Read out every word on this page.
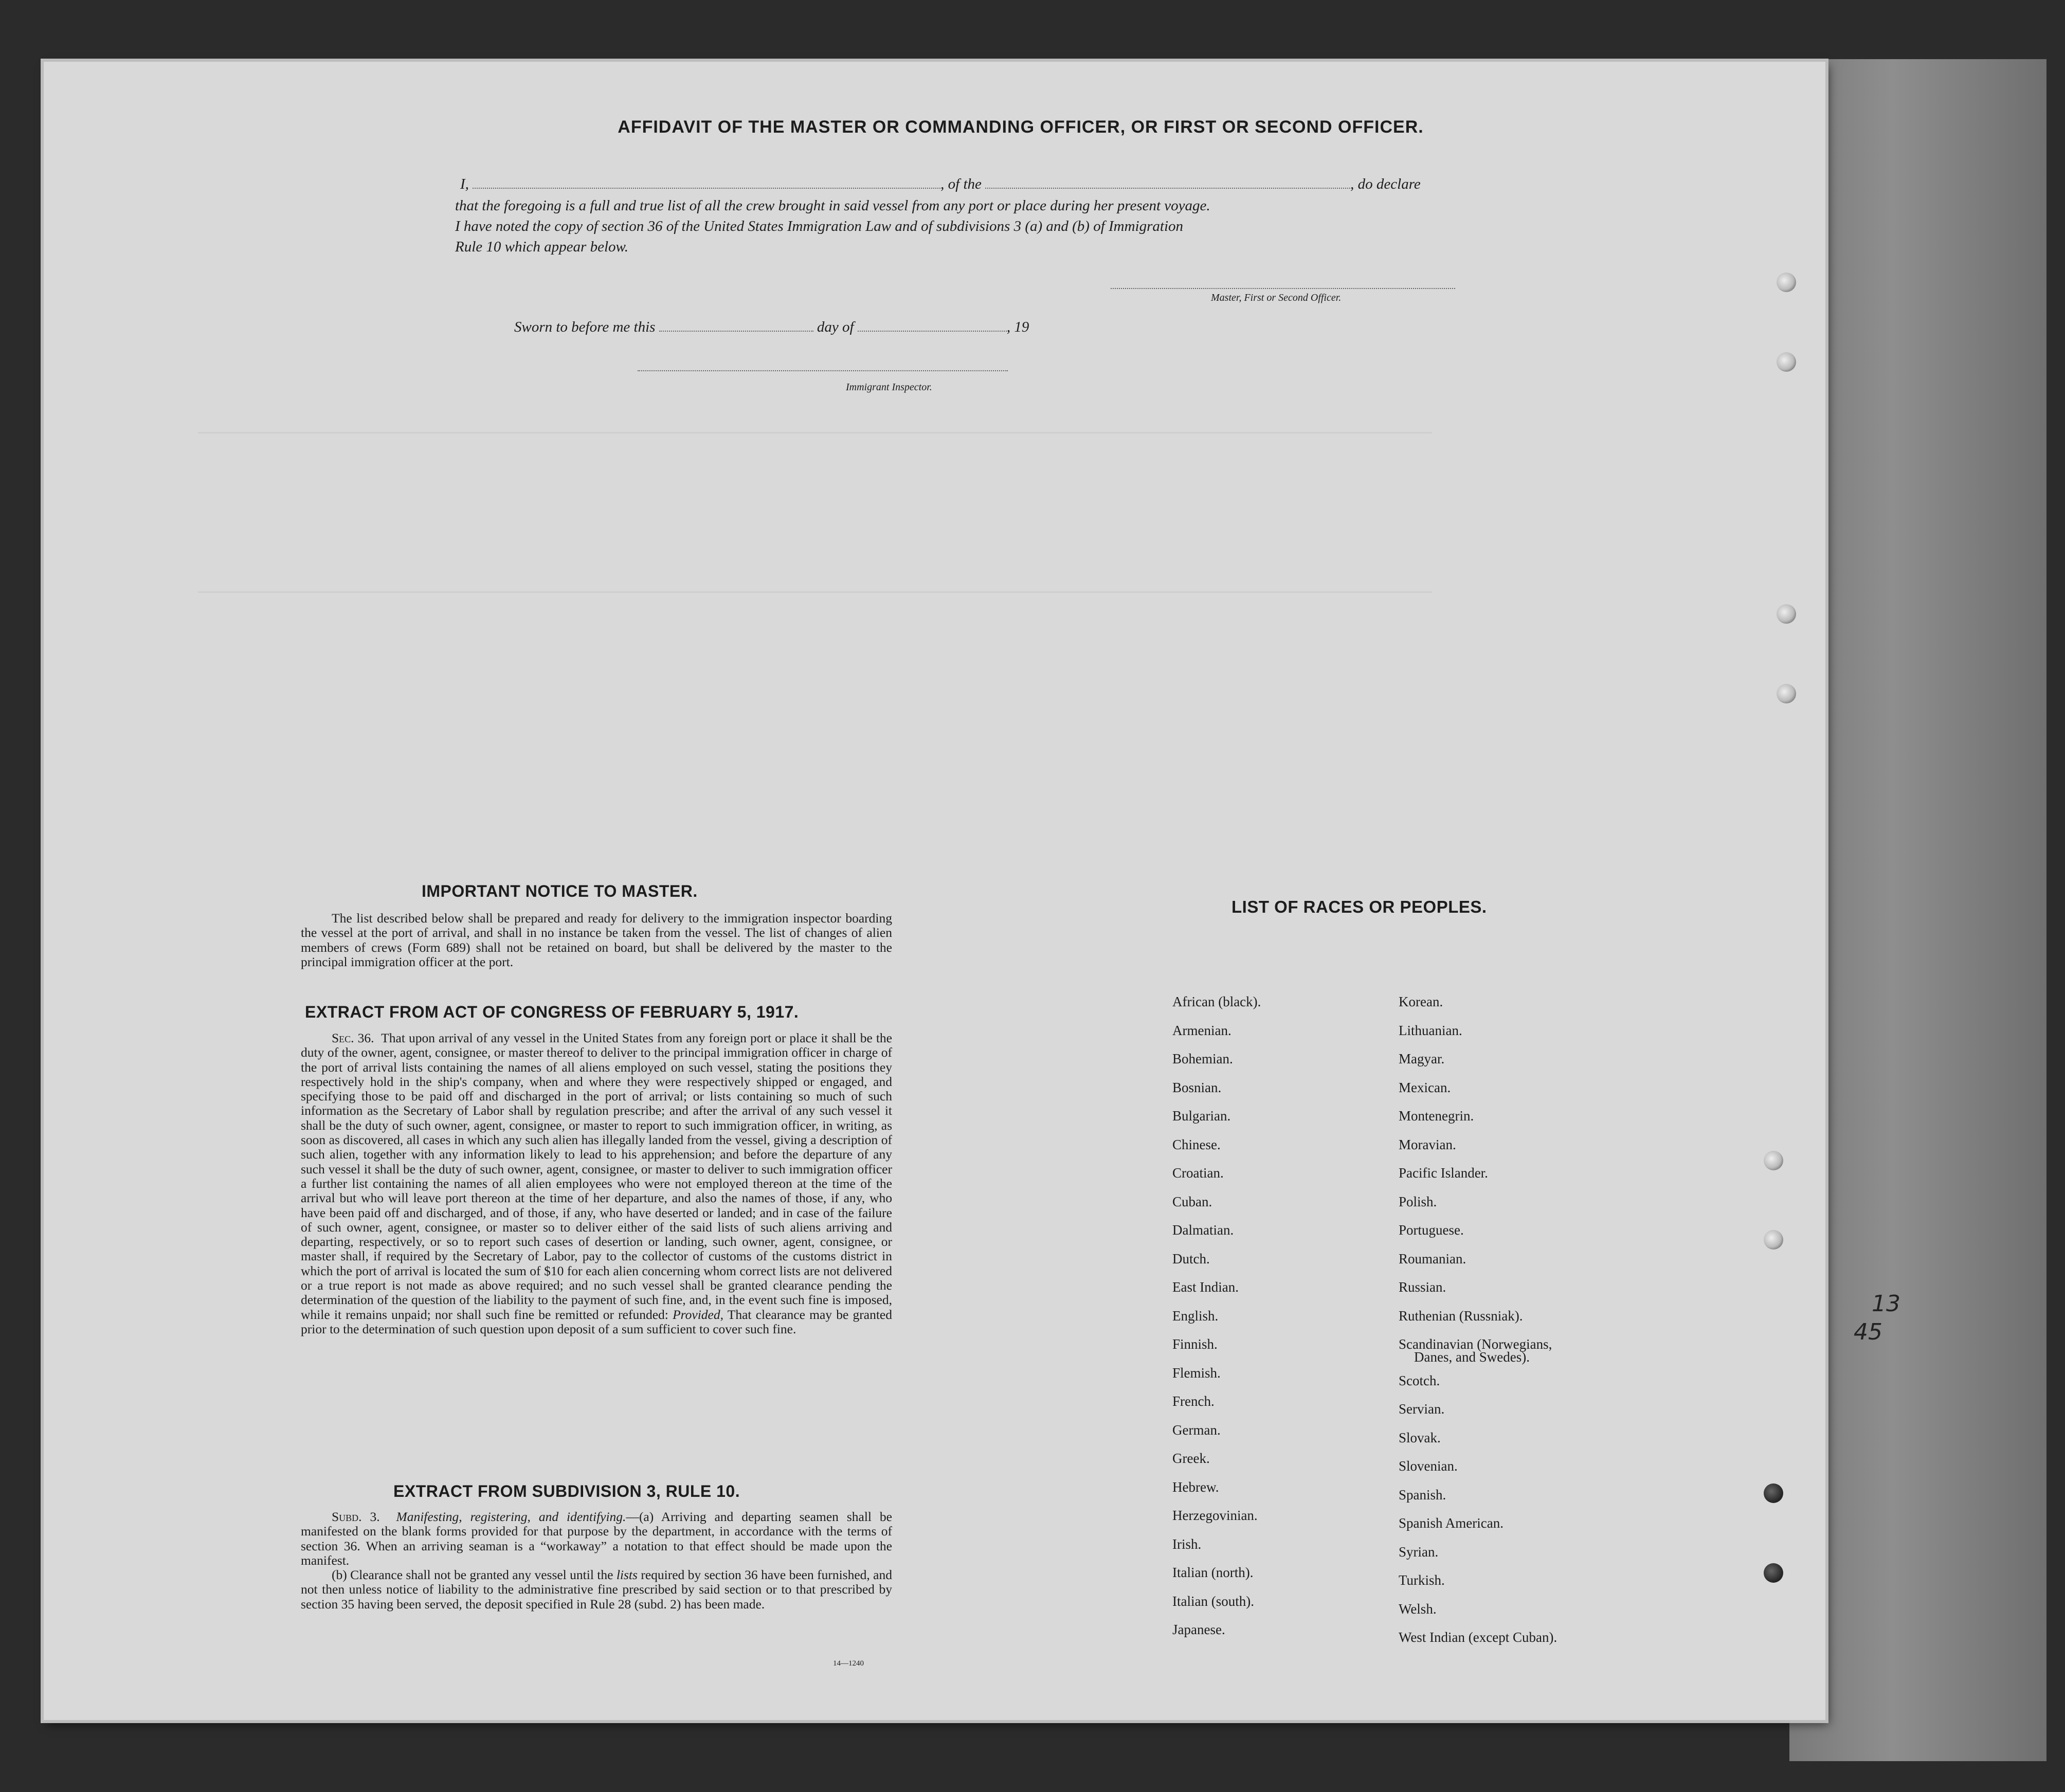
AFFIDAVIT OF THE MASTER OR COMMANDING OFFICER, OR FIRST OR SECOND OFFICER.
I,	, of the	, do declare
that the foregoing is a full and true list of all the crew brought in said vessel from any port or place during her present voyage.
I have noted the copy of section 36 of the United States Immigration Law and of subdivisions 3 (a) and (b) of Immigration
Rule 10 which appear below.
Master, First or Second Officer.
Sworn to before me this	day of	, 19
Immigrant Inspector.
IMPORTANT NOTICE TO MASTER.

The list described below shall be prepared and ready for delivery to the immigration inspector boarding the vessel at the port of arrival, and shall in no instance be taken from the vessel. The list of changes of alien members of crews (Form 689) shall not be retained on board, but shall be delivered by the master to the principal immigration officer at the port.

EXTRACT FROM ACT OF CONGRESS OF FEBRUARY 5, 1917.

Sec. 36. That upon arrival of any vessel in the United States from any foreign port or place it shall be the duty of the owner, agent, consignee, or master thereof to deliver to the principal immigration officer in charge of the port of arrival lists containing the names of all aliens employed on such vessel, stating the positions they respectively hold in the ship's company, when and where they were respectively shipped or engaged, and specifying those to be paid off and discharged in the port of arrival; or lists containing so much of such information as the Secretary of Labor shall by regulation prescribe; and after the arrival of any such vessel it shall be the duty of such owner, agent, consignee, or master to report to such immigration officer, in writing, as soon as discovered, all cases in which any such alien has illegally landed from the vessel, giving a description of such alien, together with any information likely to lead to his apprehension; and before the departure of any such vessel it shall be the duty of such owner, agent, consignee, or master to deliver to such immigration officer a further list containing the names of all alien employees who were not employed thereon at the time of the arrival but who will leave port thereon at the time of her departure, and also the names of those, if any, who have been paid off and discharged, and of those, if any, who have deserted or landed; and in case of the failure of such owner, agent, consignee, or master so to deliver either of the said lists of such aliens arriving and departing, respectively, or so to report such cases of desertion or landing, such owner, agent, consignee, or master shall, if required by the Secretary of Labor, pay to the collector of customs of the customs district in which the port of arrival is located the sum of $10 for each alien concerning whom correct lists are not delivered or a true report is not made as above required; and no such vessel shall be granted clearance pending the determination of the question of the liability to the payment of such fine, and, in the event such fine is imposed, while it remains unpaid; nor shall such fine be remitted or refunded: Provided, That clearance may be granted prior to the determination of such question upon deposit of a sum sufficient to cover such fine.

EXTRACT FROM SUBDIVISION 3, RULE 10.

Subd. 3. Manifesting, registering, and identifying.—(a) Arriving and departing seamen shall be manifested on the blank forms provided for that purpose by the department, in accordance with the terms of section 36. When an arriving seaman is a “workaway” a notation to that effect should be made upon the manifest.

(b) Clearance shall not be granted any vessel until the lists required by section 36 have been furnished, and not then unless notice of liability to the administrative fine prescribed by said section or to that prescribed by section 35 having been served, the deposit specified in Rule 28 (subd. 2) has been made.

14—1240
LIST OF RACES OR PEOPLES.
African (black).
Armenian.
Bohemian.
Bosnian.
Bulgarian.
Chinese.
Croatian.
Cuban.
Dalmatian.
Dutch.
East Indian.
English.
Finnish.
Flemish.
French.
German.
Greek.
Hebrew.
Herzegovinian.
Irish.
Italian (north).
Italian (south).
Japanese.
Korean.
Lithuanian.
Magyar.
Mexican.
Montenegrin.
Moravian.
Pacific Islander.
Polish.
Portuguese.
Roumanian.
Russian.
Ruthenian (Russniak).
Scandinavian (Norwegians,
Danes, and Swedes).
Scotch.
Servian.
Slovak.
Slovenian.
Spanish.
Spanish American.
Syrian.
Turkish.
Welsh.
West Indian (except Cuban).
13
45
